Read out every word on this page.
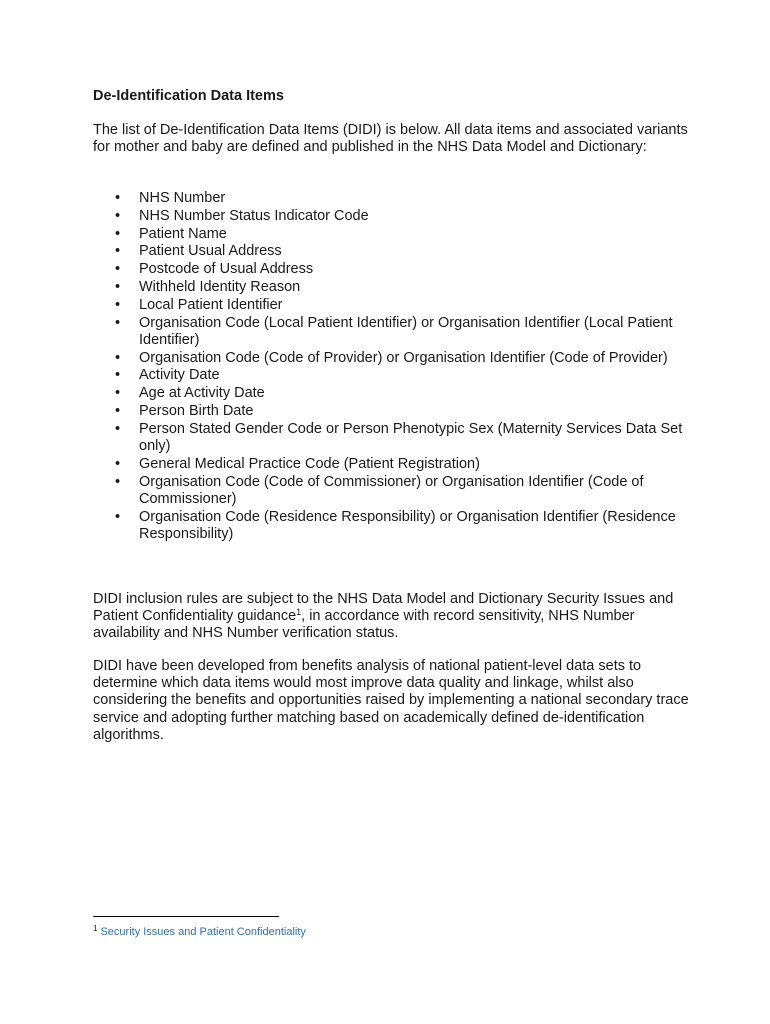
De-Identification Data Items

The list of De-Identification Data Items (DIDI) is below. All data items and associated variants for mother and baby are defined and published in the NHS Data Model and Dictionary:

• NHS Number
• NHS Number Status Indicator Code
• Patient Name
• Patient Usual Address
• Postcode of Usual Address
• Withheld Identity Reason
• Local Patient Identifier
• Organisation Code (Local Patient Identifier) or Organisation Identifier (Local Patient Identifier)
• Organisation Code (Code of Provider) or Organisation Identifier (Code of Provider)
• Activity Date
• Age at Activity Date
• Person Birth Date
• Person Stated Gender Code or Person Phenotypic Sex (Maternity Services Data Set only)
• General Medical Practice Code (Patient Registration)
• Organisation Code (Code of Commissioner) or Organisation Identifier (Code of Commissioner)
• Organisation Code (Residence Responsibility) or Organisation Identifier (Residence Responsibility)

DIDI inclusion rules are subject to the NHS Data Model and Dictionary Security Issues and Patient Confidentiality guidance$^1$, in accordance with record sensitivity, NHS Number availability and NHS Number verification status.

DIDI have been developed from benefits analysis of national patient-level data sets to determine which data items would most improve data quality and linkage, whilst also considering the benefits and opportunities raised by implementing a national secondary trace service and adopting further matching based on academically defined de-identification algorithms.

$^1$ Security Issues and Patient Confidentiality
